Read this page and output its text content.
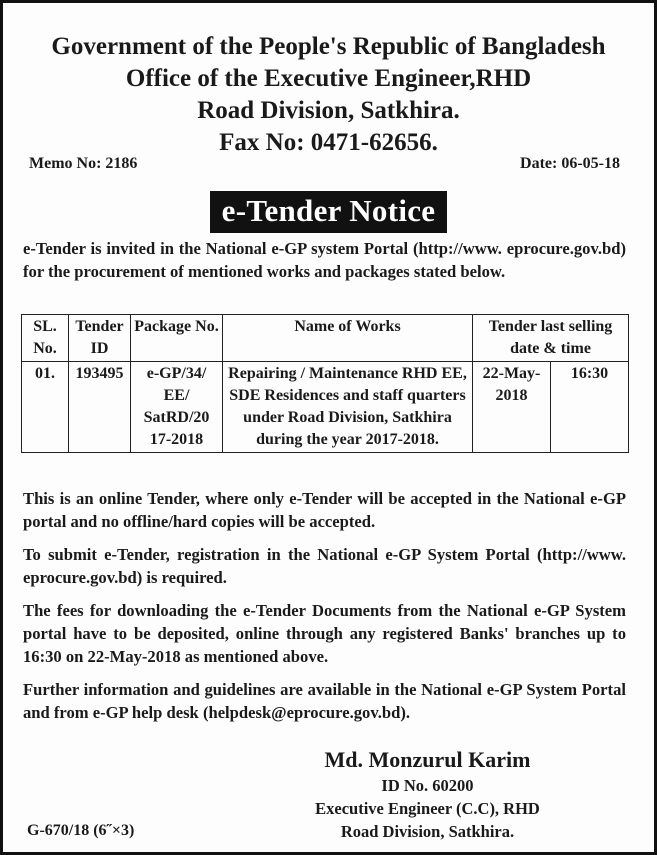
Government of the People's Republic of Bangladesh
Office of the Executive Engineer,RHD
Road Division, Satkhira.
Fax No: 0471-62656.
Memo No: 2186	Date: 06-05-18
e-Tender Notice
e-Tender is invited in the National e-GP system Portal (http://www. eprocure.gov.bd) for the procurement of mentioned works and packages stated below.
SL. No.	Tender ID	Package No.	Name of Works	Tender last selling date & time	
01.	193495	e-GP/34/ EE/ SatRD/20 17-2018	Repairing / Maintenance RHD EE, SDE Residences and staff quarters under Road Division, Satkhira during the year 2017-2018.	22-May-2018	16:30
This is an online Tender, where only e-Tender will be accepted in the National e-GP portal and no offline/hard copies will be accepted.
To submit e-Tender, registration in the National e-GP System Portal (http://www. eprocure.gov.bd) is required.
The fees for downloading the e-Tender Documents from the National e-GP System portal have to be deposited, online through any registered Banks' branches up to 16:30 on 22-May-2018 as mentioned above.
Further information and guidelines are available in the National e-GP System Portal and from e-GP help desk (helpdesk@eprocure.gov.bd).
Md. Monzurul Karim
ID No. 60200
Executive Engineer (C.C), RHD
Road Division, Satkhira.
G-670/18 (6˝×3)
